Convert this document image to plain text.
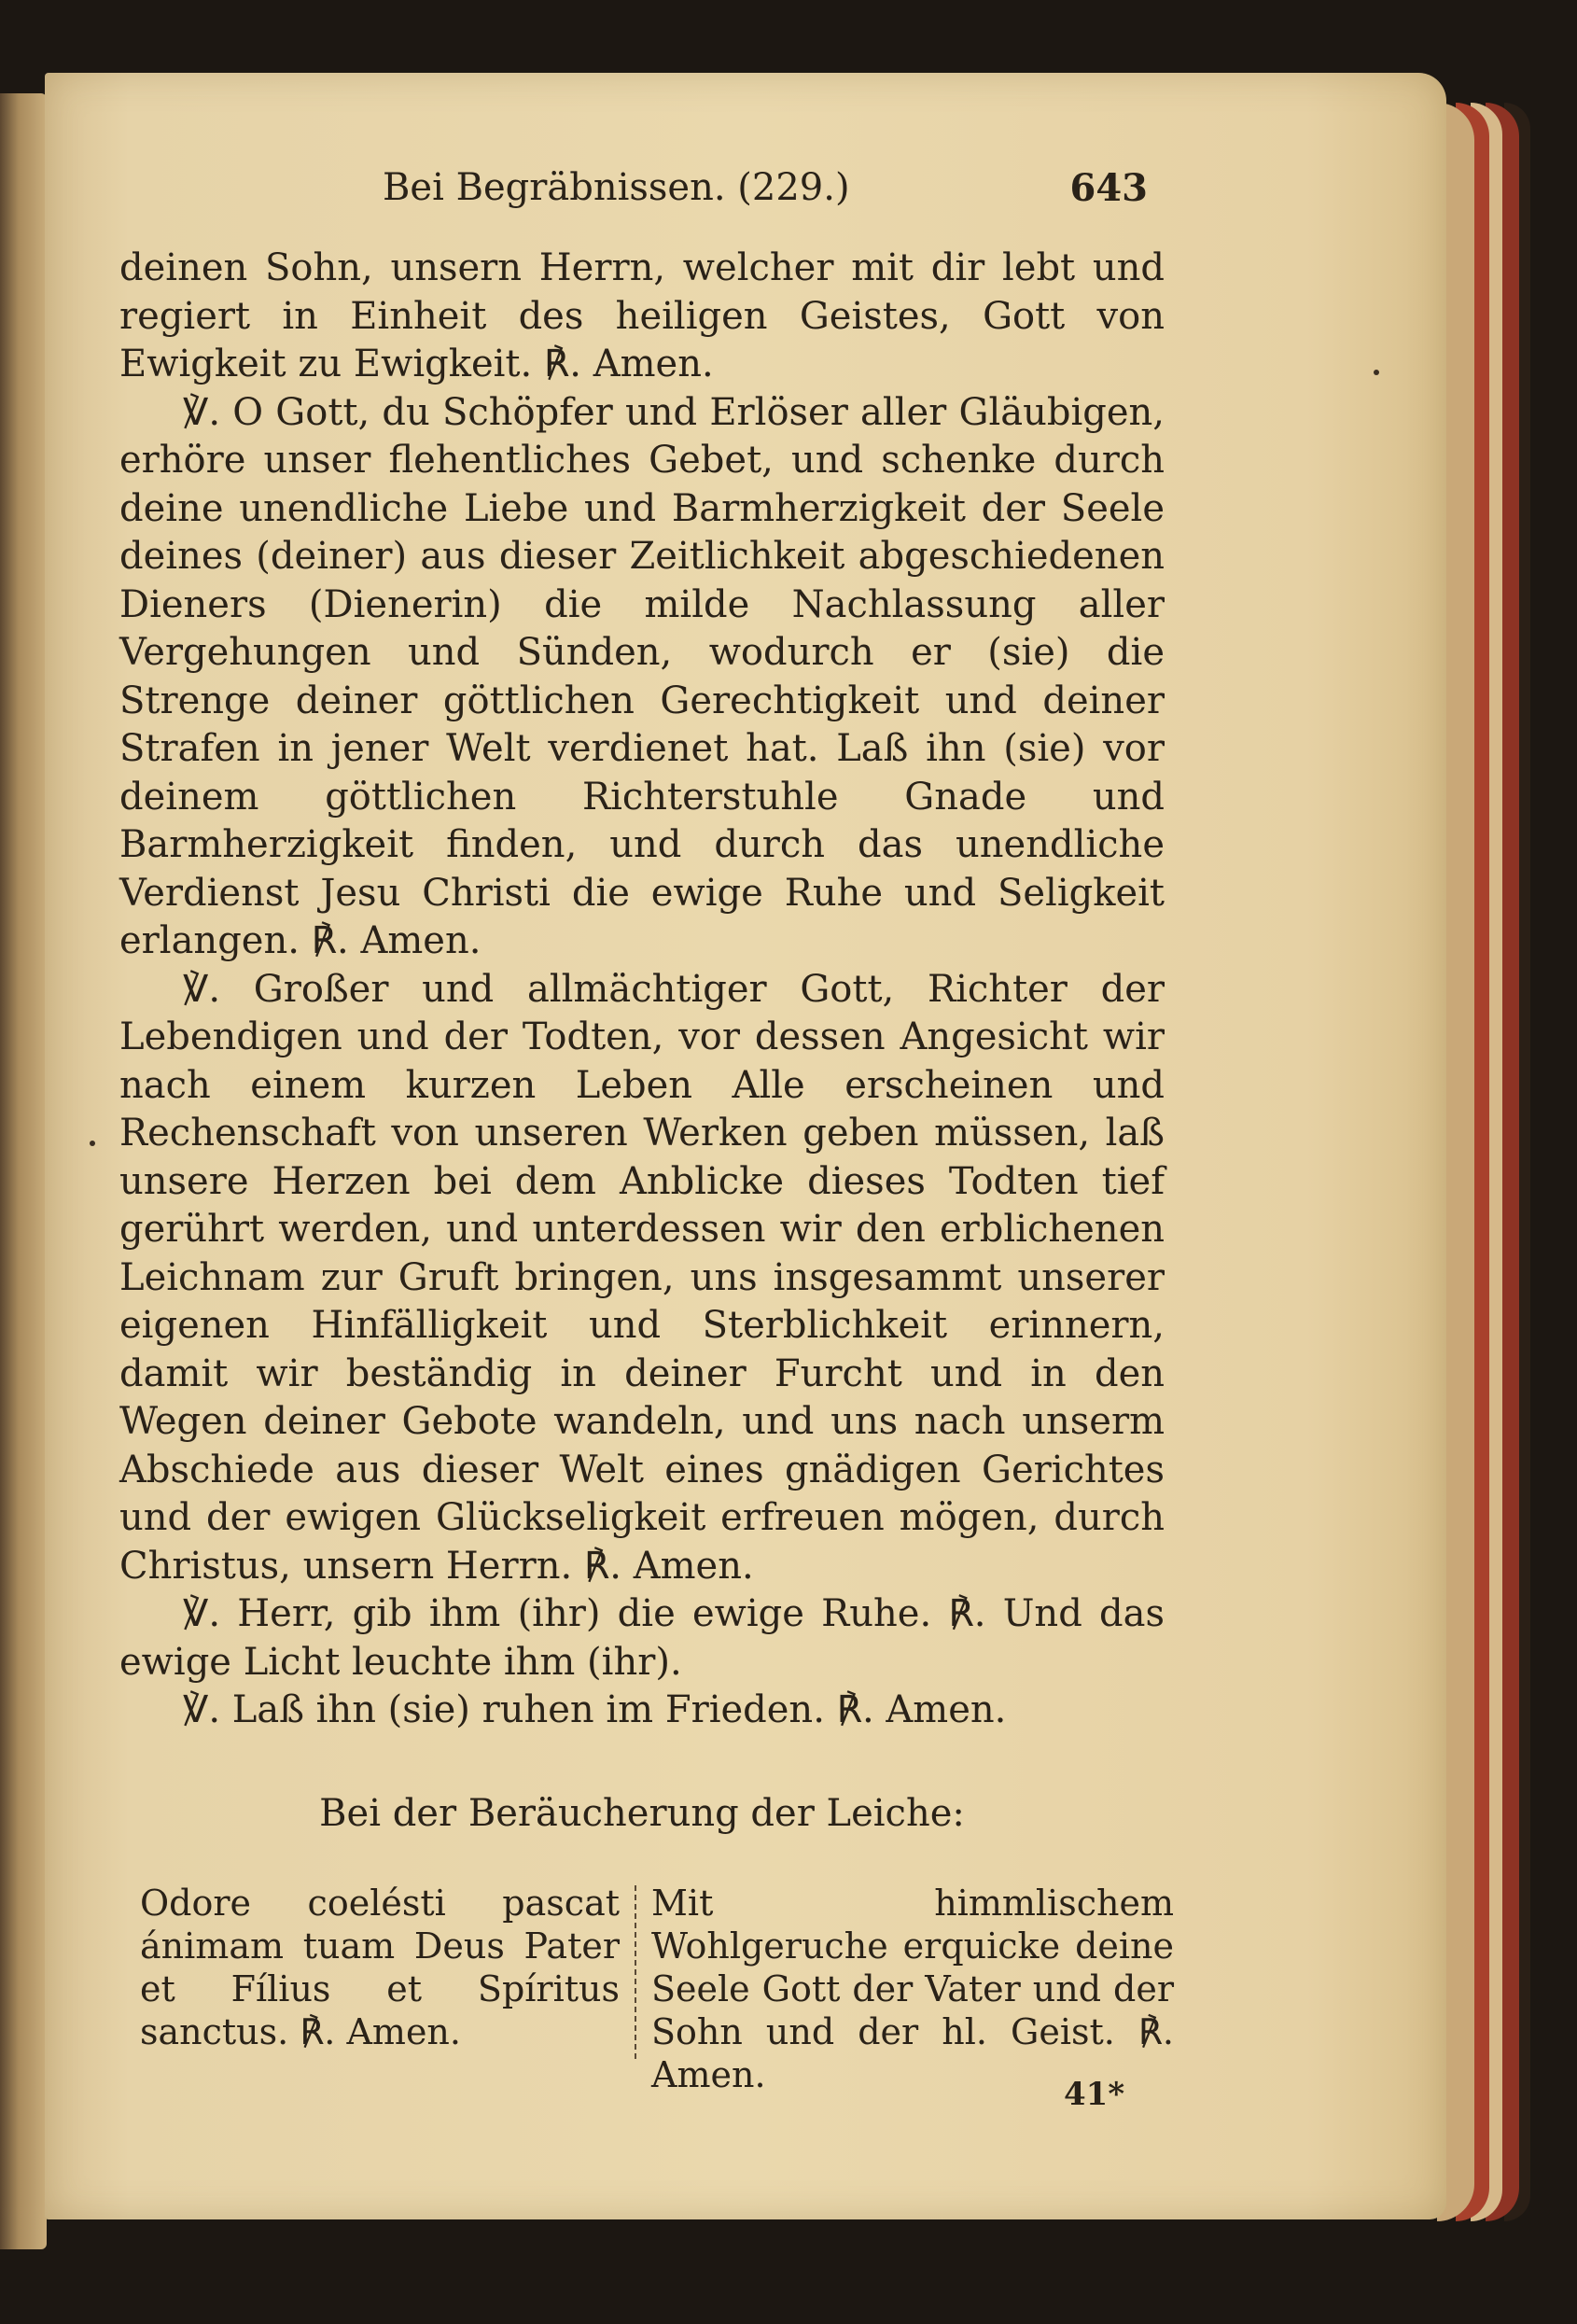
Bei Begräbnissen. (229.)	643

deinen Sohn, unsern Herrn, welcher mit dir lebt und regiert in Einheit des heiligen Geistes, Gott von Ewigkeit zu Ewigkeit. ℟. Amen.

℣. O Gott, du Schöpfer und Erlöser aller Gläubigen, erhöre unser flehentliches Gebet, und schenke durch deine unendliche Liebe und Barmherzigkeit der Seele deines (deiner) aus dieser Zeitlichkeit abgeschiedenen Dieners (Dienerin) die milde Nachlassung aller Vergehungen und Sünden, wodurch er (sie) die Strenge deiner göttlichen Gerechtigkeit und deiner Strafen in jener Welt verdienet hat. Laß ihn (sie) vor deinem göttlichen Richterstuhle Gnade und Barmherzigkeit finden, und durch das unendliche Verdienst Jesu Christi die ewige Ruhe und Seligkeit erlangen. ℟. Amen.

℣. Großer und allmächtiger Gott, Richter der Lebendigen und der Todten, vor dessen Angesicht wir nach einem kurzen Leben Alle erscheinen und Rechenschaft von unseren Werken geben müssen, laß unsere Herzen bei dem Anblicke dieses Todten tief gerührt werden, und unterdessen wir den erblichenen Leichnam zur Gruft bringen, uns insgesammt unserer eigenen Hinfälligkeit und Sterblichkeit erinnern, damit wir beständig in deiner Furcht und in den Wegen deiner Gebote wandeln, und uns nach unserm Abschiede aus dieser Welt eines gnädigen Gerichtes und der ewigen Glückseligkeit erfreuen mögen, durch Christus, unsern Herrn. ℟. Amen.

℣. Herr, gib ihm (ihr) die ewige Ruhe. ℟. Und das ewige Licht leuchte ihm (ihr).

℣. Laß ihn (sie) ruhen im Frieden. ℟. Amen.

Bei der Beräucherung der Leiche:
Odore coelésti pascat ánimam tuam Deus Pater et Fílius et Spíritus sanctus. ℟. Amen.
Mit himmlischem Wohlgeruche erquicke deine Seele Gott der Vater und der Sohn und der hl. Geist. ℟. Amen.	41*
